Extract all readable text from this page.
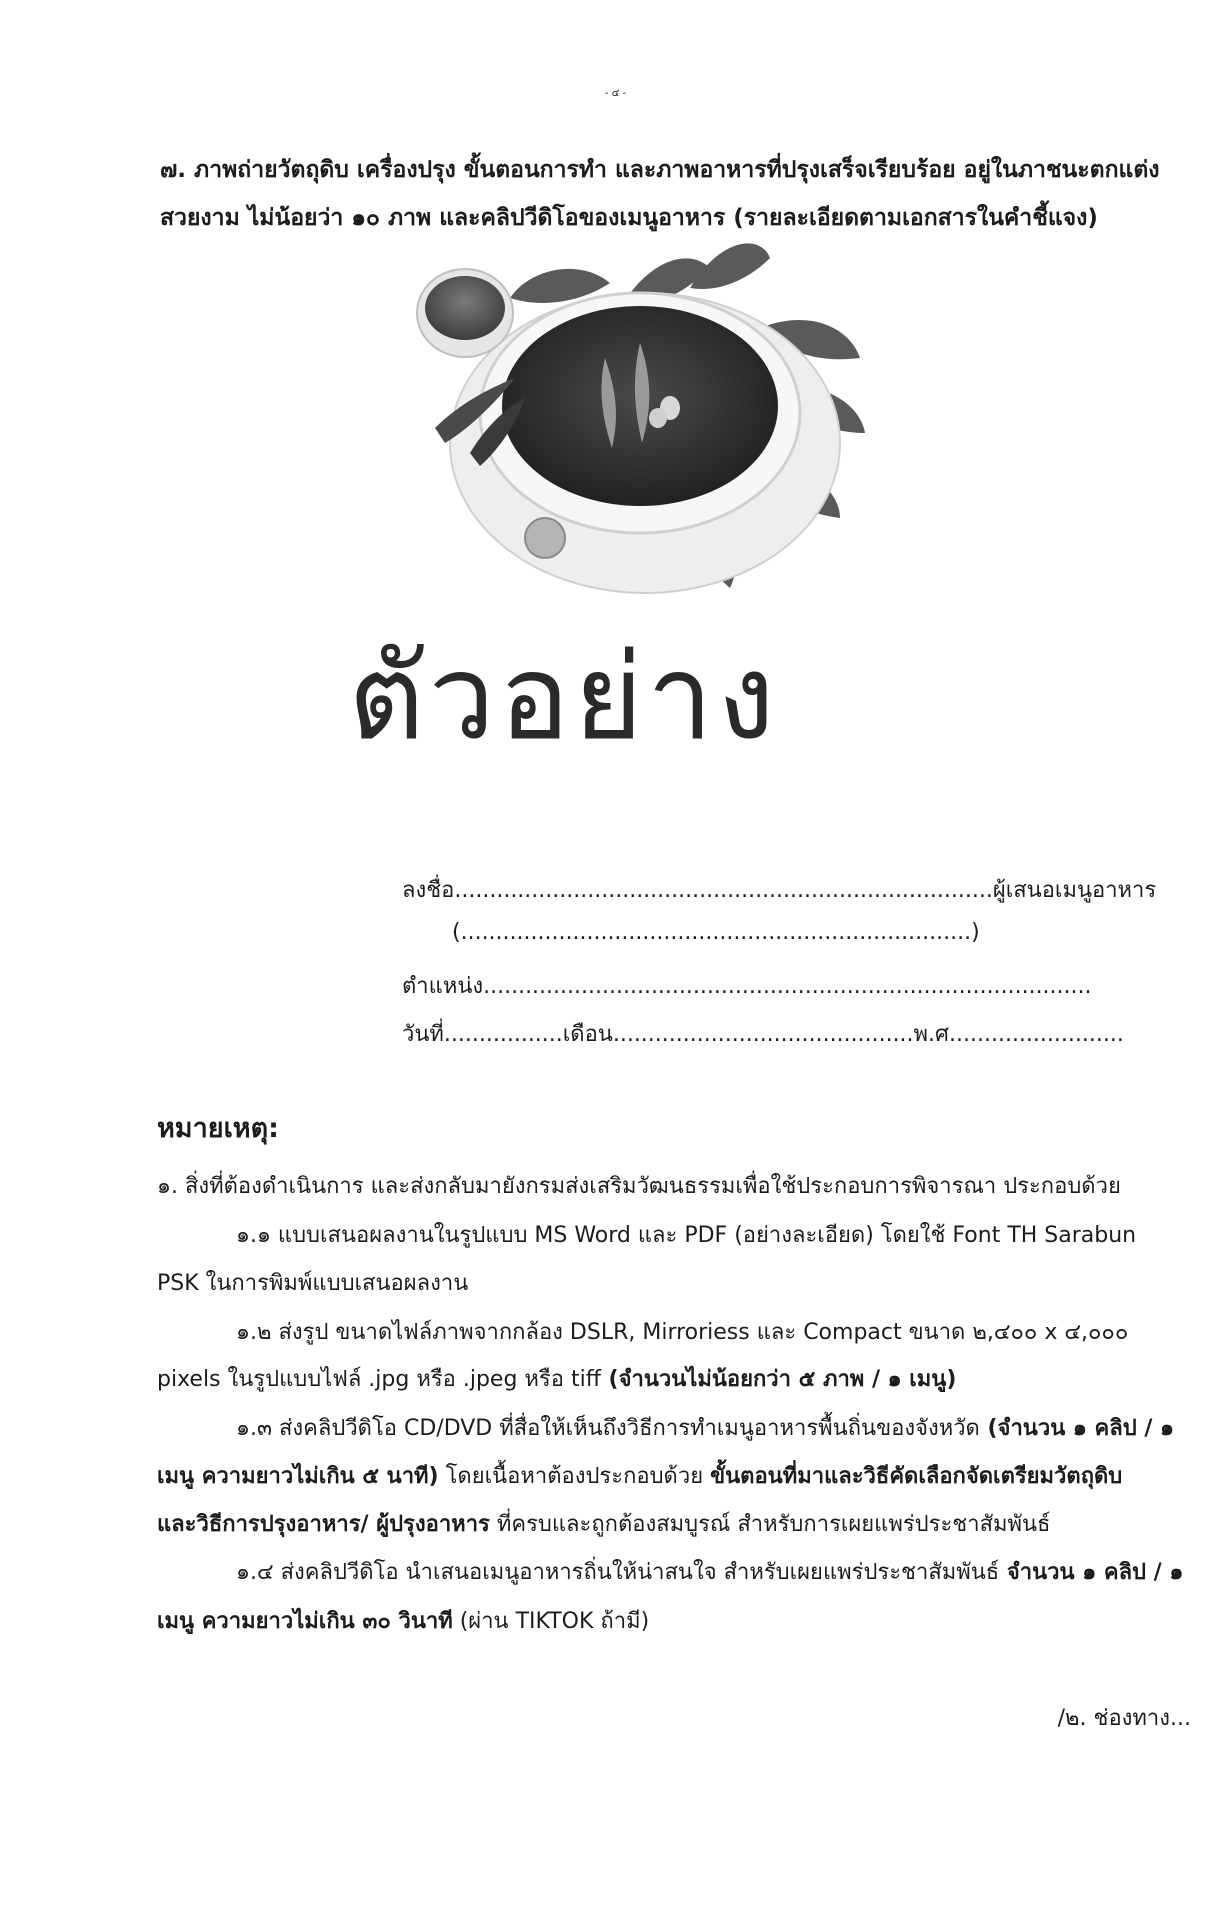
- ๔ -
๗. ภาพถ่ายวัตถุดิบ เครื่องปรุง ขั้นตอนการทำ และภาพอาหารที่ปรุงเสร็จเรียบร้อย อยู่ในภาชนะตกแต่ง
สวยงาม ไม่น้อยว่า ๑๐ ภาพ และคลิปวีดิโอของเมนูอาหาร (รายละเอียดตามเอกสารในคำชี้แจง)
ตัวอย่าง
ลงชื่อ.............................................................................ผู้เสนอเมนูอาหาร
(.........................................................................)
ตำแหน่ง.......................................................................................
วันที่.................เดือน...........................................พ.ศ.........................
หมายเหตุ:
๑. สิ่งที่ต้องดำเนินการ และส่งกลับมายังกรมส่งเสริมวัฒนธรรมเพื่อใช้ประกอบการพิจารณา ประกอบด้วย
๑.๑ แบบเสนอผลงานในรูปแบบ MS Word และ PDF (อย่างละเอียด) โดยใช้ Font TH Sarabun
PSK ในการพิมพ์แบบเสนอผลงาน
๑.๒ ส่งรูป ขนาดไฟล์ภาพจากกล้อง DSLR, Mirroriess และ Compact ขนาด ๒,๔๐๐ x ๔,๐๐๐
pixels ในรูปแบบไฟล์ .jpg หรือ .jpeg หรือ tiff (จำนวนไม่น้อยกว่า ๕ ภาพ / ๑ เมนู)
๑.๓ ส่งคลิปวีดิโอ CD/DVD ที่สื่อให้เห็นถึงวิธีการทำเมนูอาหารพื้นถิ่นของจังหวัด (จำนวน ๑ คลิป / ๑
เมนู ความยาวไม่เกิน ๕ นาที) โดยเนื้อหาต้องประกอบด้วย ขั้นตอนที่มาและวิธีคัดเลือกจัดเตรียมวัตถุดิบ
และวิธีการปรุงอาหาร/ ผู้ปรุงอาหาร ที่ครบและถูกต้องสมบูรณ์ สำหรับการเผยแพร่ประชาสัมพันธ์
๑.๔ ส่งคลิปวีดิโอ นำเสนอเมนูอาหารถิ่นให้น่าสนใจ สำหรับเผยแพร่ประชาสัมพันธ์ จำนวน ๑ คลิป / ๑
เมนู ความยาวไม่เกิน ๓๐ วินาที (ผ่าน TIKTOK ถ้ามี)
/๒. ช่องทาง...
